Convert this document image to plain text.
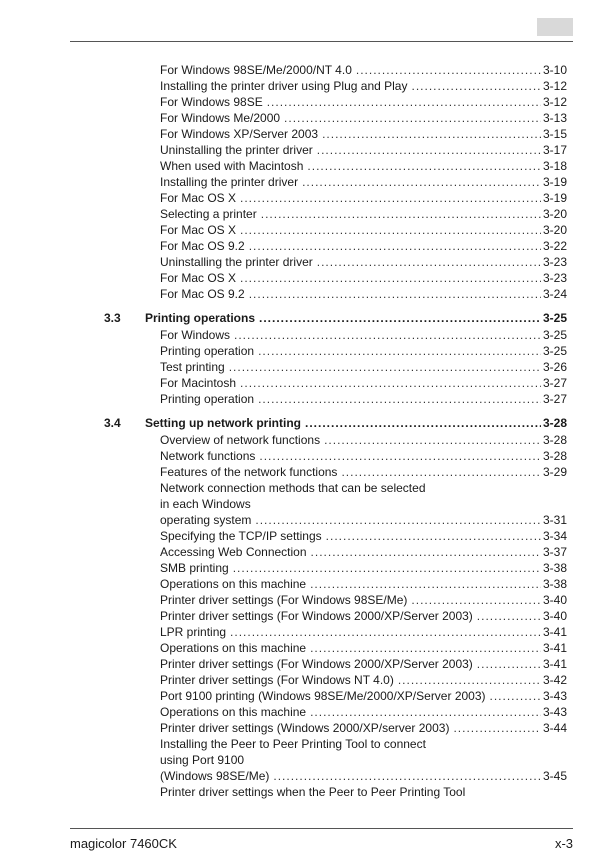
For Windows 98SE/Me/2000/NT 4.0 .....	3-10
Installing the printer driver using Plug and Play .....	3-12
For Windows 98SE .....	3-12
For Windows Me/2000 .....	3-13
For Windows XP/Server 2003 .....	3-15
Uninstalling the printer driver .....	3-17
When used with Macintosh .....	3-18
Installing the printer driver .....	3-19
For Mac OS X .....	3-19
Selecting a printer .....	3-20
For Mac OS X .....	3-20
For Mac OS 9.2 .....	3-22
Uninstalling the printer driver .....	3-23
For Mac OS X .....	3-23
For Mac OS 9.2 .....	3-24
3.3	Printing operations .....	3-25
For Windows .....	3-25
Printing operation .....	3-25
Test printing .....	3-26
For Macintosh .....	3-27
Printing operation .....	3-27
3.4	Setting up network printing .....	3-28
Overview of network functions .....	3-28
Network functions .....	3-28
Features of the network functions .....	3-29
Network connection methods that can be selected
in each Windows
operating system .....	3-31
Specifying the TCP/IP settings .....	3-34
Accessing Web Connection .....	3-37
SMB printing .....	3-38
Operations on this machine .....	3-38
Printer driver settings (For Windows 98SE/Me) .....	3-40
Printer driver settings (For Windows 2000/XP/Server 2003) .....	3-40
LPR printing .....	3-41
Operations on this machine .....	3-41
Printer driver settings (For Windows 2000/XP/Server 2003) .....	3-41
Printer driver settings (For Windows NT 4.0) .....	3-42
Port 9100 printing (Windows 98SE/Me/2000/XP/Server 2003) .....	3-43
Operations on this machine .....	3-43
Printer driver settings (Windows 2000/XP/server 2003) .....	3-44
Installing the Peer to Peer Printing Tool to connect
using Port 9100
(Windows 98SE/Me) .....	3-45
Printer driver settings when the Peer to Peer Printing Tool
magicolor 7460CK	x-3
